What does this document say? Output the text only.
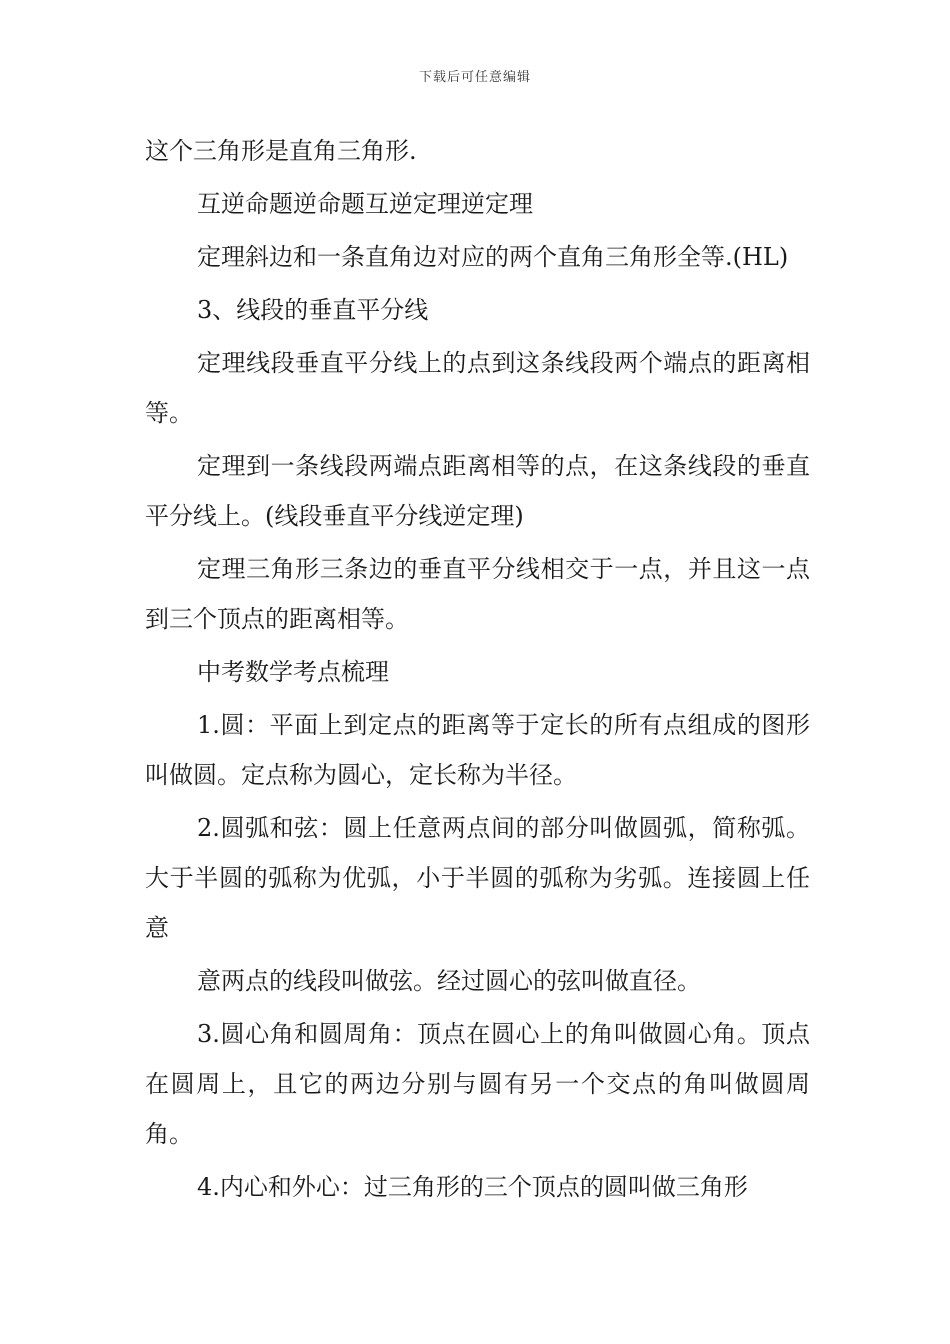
下载后可任意编辑

这个三角形是直角三角形.

互逆命题逆命题互逆定理逆定理

定理斜边和一条直角边对应的两个直角三角形全等.(HL)

3、线段的垂直平分线

定理线段垂直平分线上的点到这条线段两个端点的距离相等。

定理到一条线段两端点距离相等的点，在这条线段的垂直平分线上。(线段垂直平分线逆定理)

定理三角形三条边的垂直平分线相交于一点，并且这一点到三个顶点的距离相等。

中考数学考点梳理

1.圆：平面上到定点的距离等于定长的所有点组成的图形叫做圆。定点称为圆心，定长称为半径。

2.圆弧和弦：圆上任意两点间的部分叫做圆弧，简称弧。大于半圆的弧称为优弧，小于半圆的弧称为劣弧。连接圆上任意

意两点的线段叫做弦。经过圆心的弦叫做直径。

3.圆心角和圆周角：顶点在圆心上的角叫做圆心角。顶点在圆周上，且它的两边分别与圆有另一个交点的角叫做圆周角。

4.内心和外心：过三角形的三个顶点的圆叫做三角形
